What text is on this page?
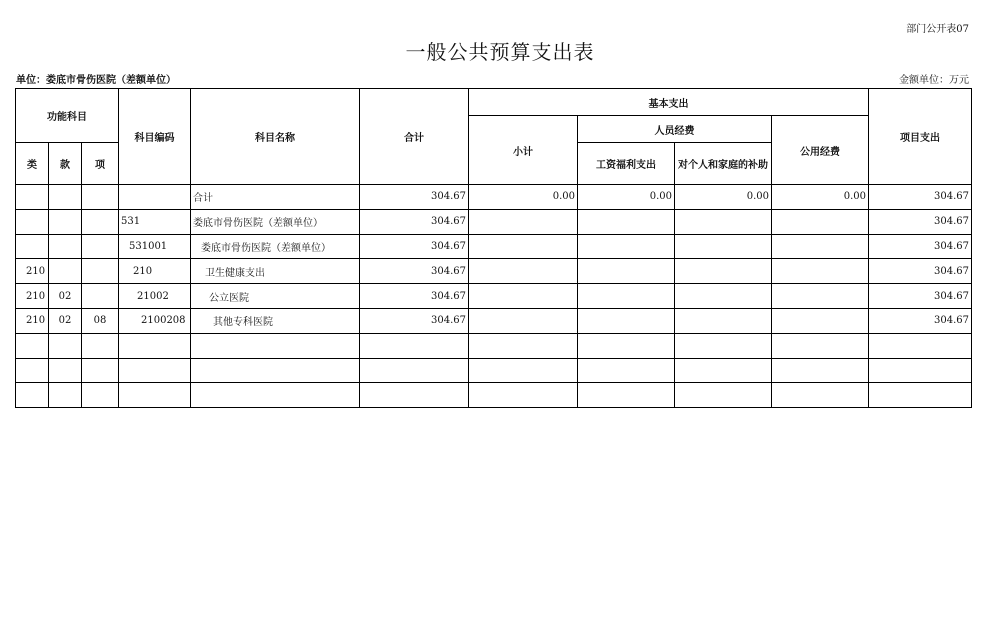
部门公开表07
一般公共预算支出表
单位：娄底市骨伤医院（差额单位）	金额单位：万元
功能科目			科目编码	科目名称	合计	基本支出				项目支出
						小计	人员经费		公用经费	
类	款	项					工资福利支出	对个人和家庭的补助		
				合计	304.67	0.00	0.00	0.00	0.00	304.67
			531	娄底市骨伤医院（差额单位）	304.67					304.67
			531001	娄底市骨伤医院（差额单位）	304.67					304.67
210			210	卫生健康支出	304.67					304.67
210	02		21002	公立医院	304.67					304.67
210	02	08	2100208	其他专科医院	304.67					304.67
